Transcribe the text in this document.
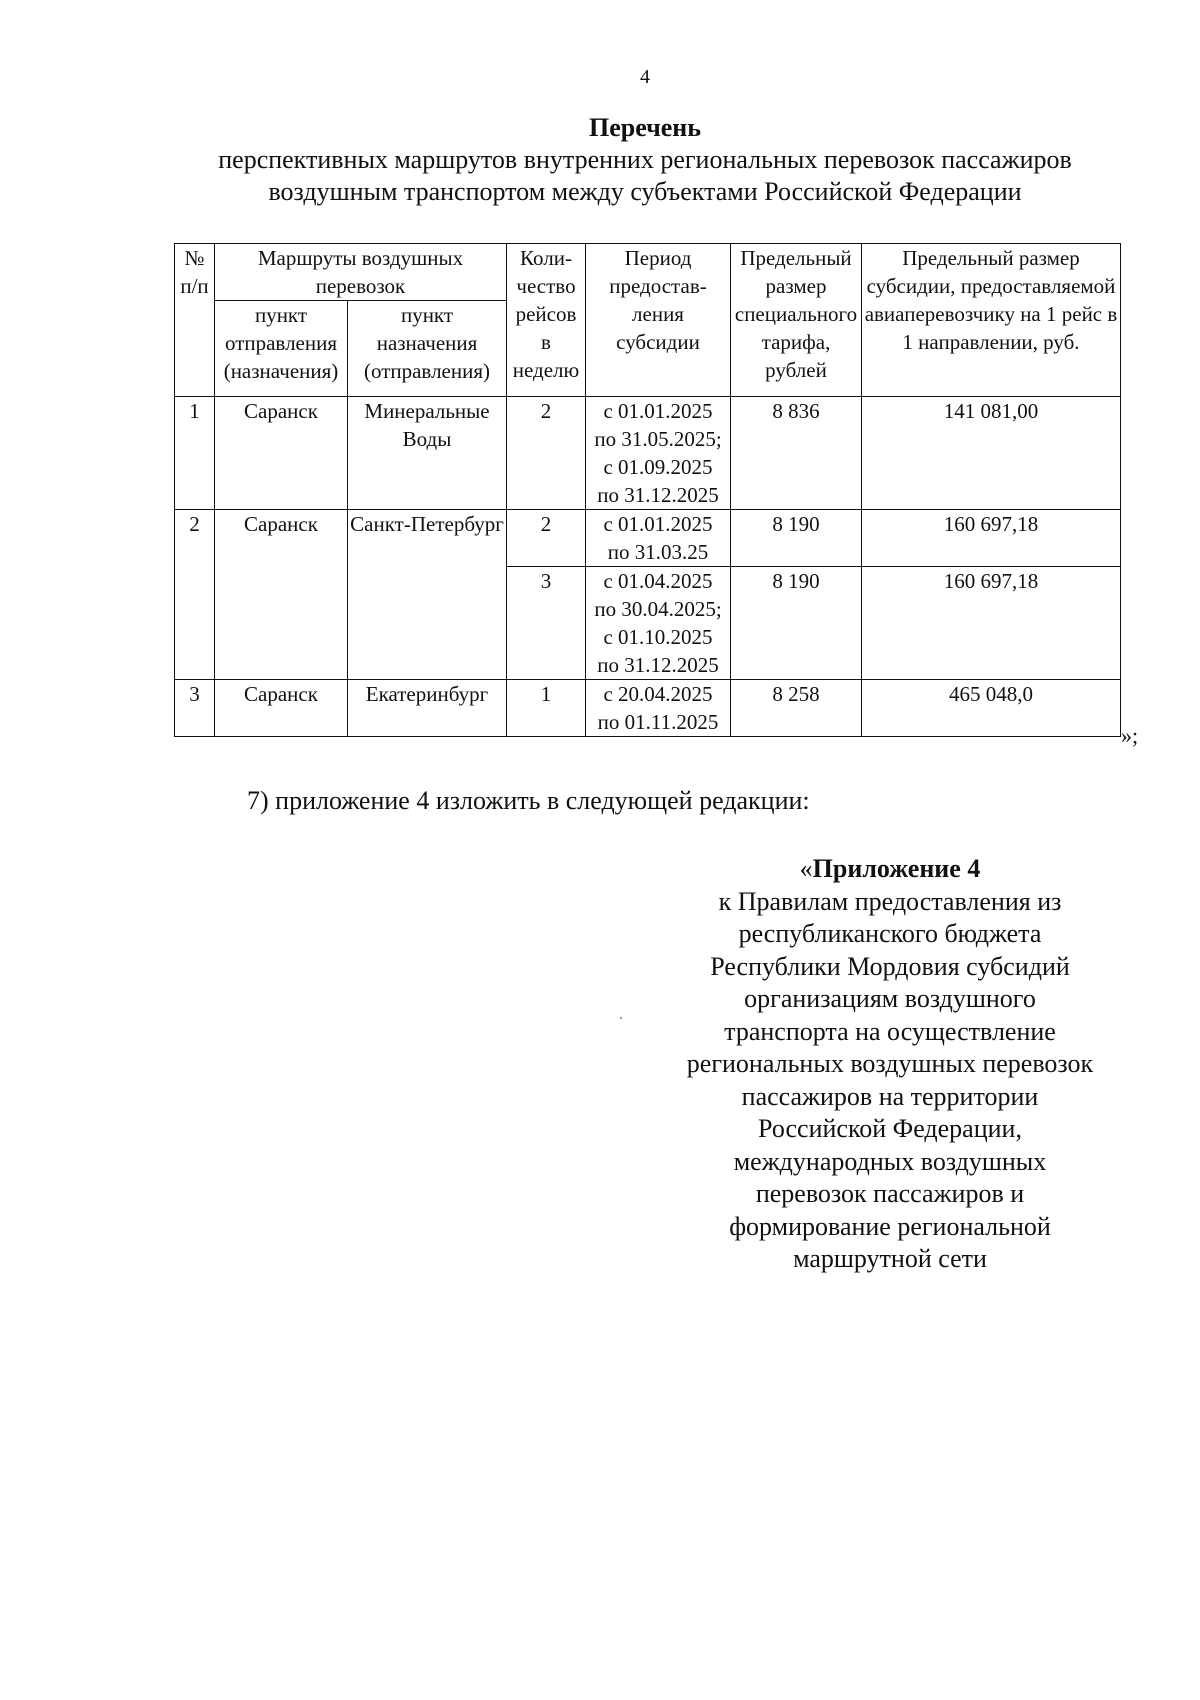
4
Перечень
перспективных маршрутов внутренних региональных перевозок пассажиров
воздушным транспортом между субъектами Российской Федерации
№ п/п	Маршруты воздушных перевозок		Коли-чество рейсов в неделю	Период предостав-ления субсидии	Предельный размер специального тарифа, рублей	Предельный размер субсидии, предоставляемой авиаперевозчику на 1 рейс в 1 направлении, руб.
	пункт отправления (назначения)	пункт назначения (отправления)				
1	Саранск	Минеральные Воды	2	с 01.01.2025
по 31.05.2025;
с 01.09.2025
по 31.12.2025	8 836	141 081,00
2	Саранск	Санкт-Петербург	2	с 01.01.2025
по 31.03.25	8 190	160 697,18
			3	с 01.04.2025
по 30.04.2025;
с 01.10.2025
по 31.12.2025	8 190	160 697,18
3	Саранск	Екатеринбург	1	с 20.04.2025
по 01.11.2025	8 258	465 048,0
»;
7) приложение 4 изложить в следующей редакции:
«Приложение 4
к Правилам предоставления из
республиканского бюджета
Республики Мордовия субсидий
организациям воздушного
транспорта на осуществление
региональных воздушных перевозок
пассажиров на территории
Российской Федерации,
международных воздушных
перевозок пассажиров и
формирование региональной
маршрутной сети
